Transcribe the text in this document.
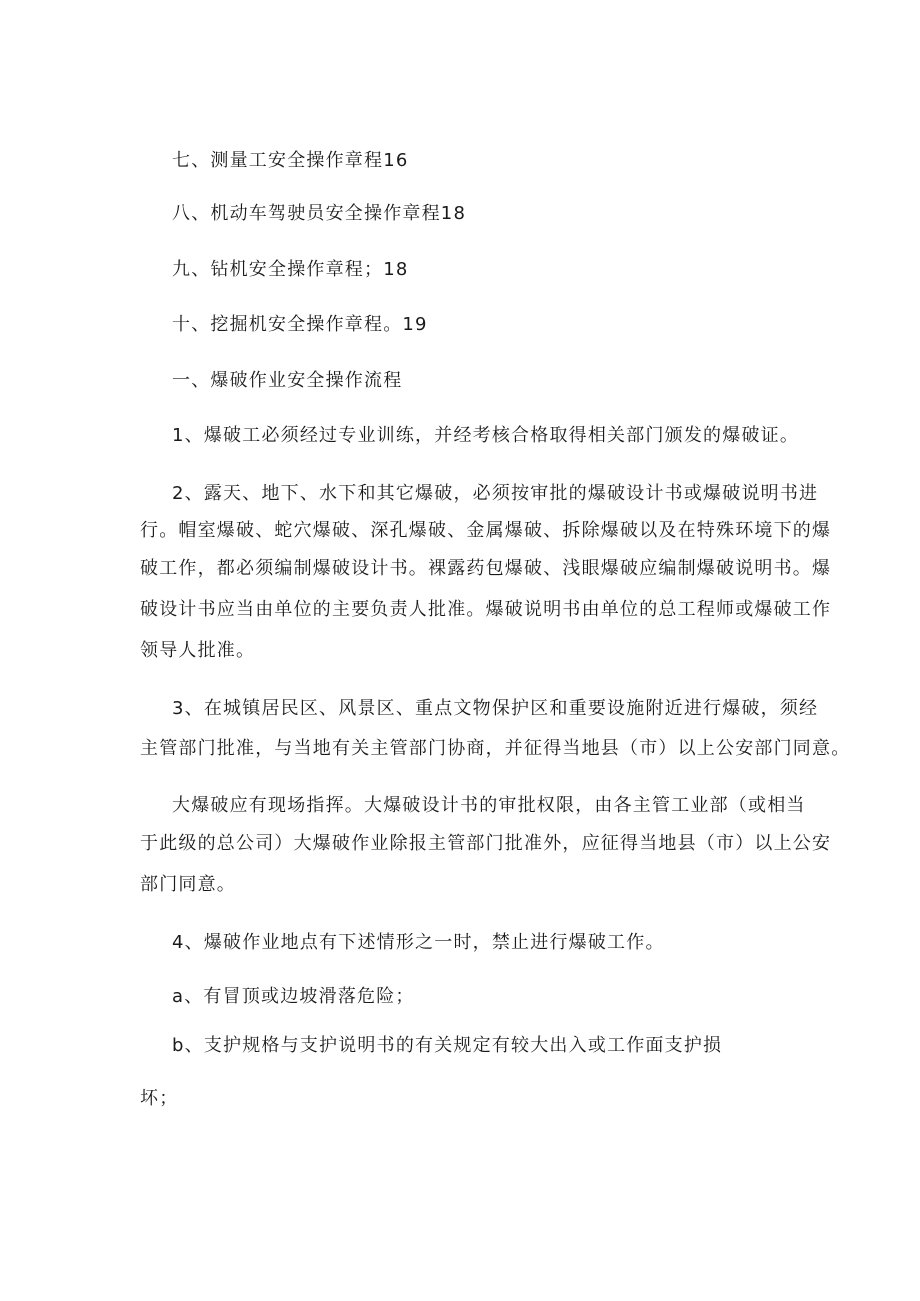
七、测量工安全操作章程16
八、机动车驾驶员安全操作章程18
九、钻机安全操作章程；18
十、挖掘机安全操作章程。19
一、爆破作业安全操作流程
1、爆破工必须经过专业训练，并经考核合格取得相关部门颁发的爆破证。
2、露天、地下、水下和其它爆破，必须按审批的爆破设计书或爆破说明书进
行。帽室爆破、蛇穴爆破、深孔爆破、金属爆破、拆除爆破以及在特殊环境下的爆
破工作，都必须编制爆破设计书。裸露药包爆破、浅眼爆破应编制爆破说明书。爆
破设计书应当由单位的主要负责人批准。爆破说明书由单位的总工程师或爆破工作
领导人批准。
3、在城镇居民区、风景区、重点文物保护区和重要设施附近进行爆破，须经
主管部门批准，与当地有关主管部门协商，并征得当地县（市）以上公安部门同意。
大爆破应有现场指挥。大爆破设计书的审批权限，由各主管工业部（或相当
于此级的总公司）大爆破作业除报主管部门批准外，应征得当地县（市）以上公安
部门同意。
4、爆破作业地点有下述情形之一时，禁止进行爆破工作。
a、有冒顶或边坡滑落危险；
b、支护规格与支护说明书的有关规定有较大出入或工作面支护损
坏；
